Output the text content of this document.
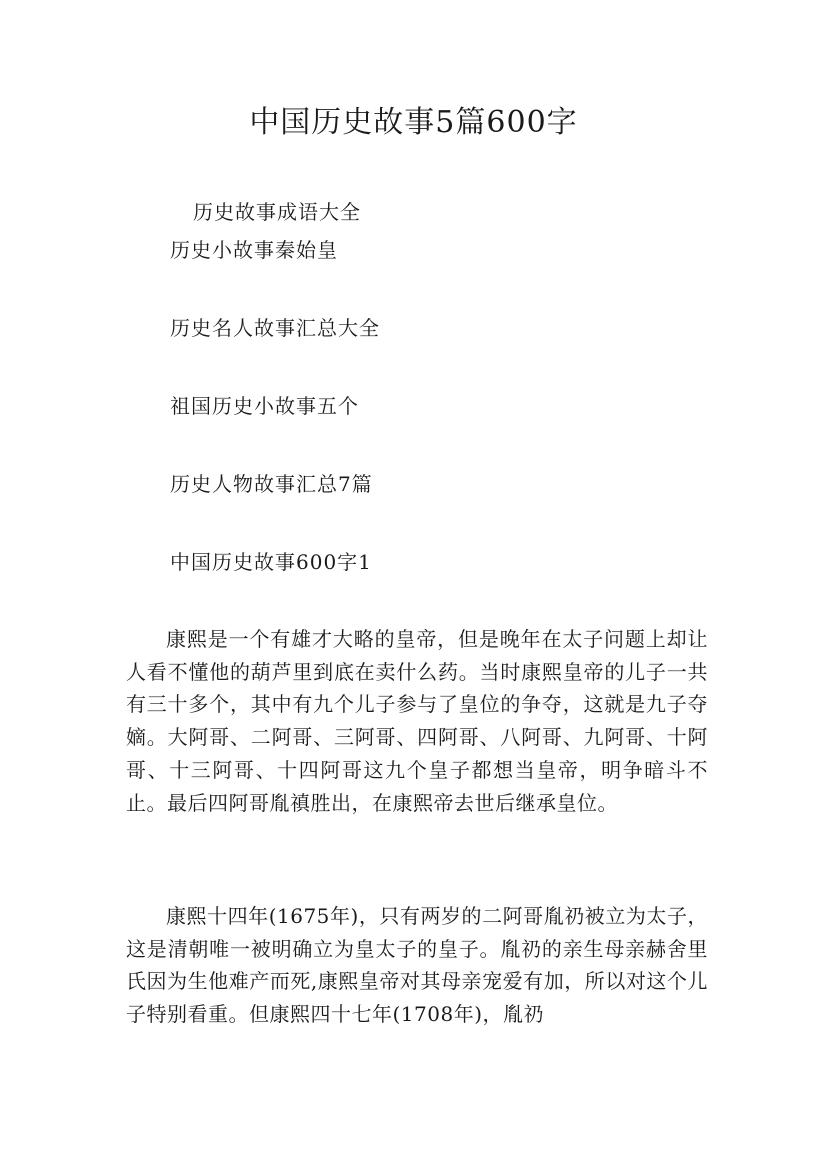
中国历史故事5篇600字
历史故事成语大全
历史小故事秦始皇
历史名人故事汇总大全
祖国历史小故事五个
历史人物故事汇总7篇
中国历史故事600字1

康熙是一个有雄才大略的皇帝，但是晚年在太子问题上却让人看不懂他的葫芦里到底在卖什么药。当时康熙皇帝的儿子一共有三十多个，其中有九个儿子参与了皇位的争夺，这就是九子夺嫡。大阿哥、二阿哥、三阿哥、四阿哥、八阿哥、九阿哥、十阿哥、十三阿哥、十四阿哥这九个皇子都想当皇帝，明争暗斗不止。最后四阿哥胤禛胜出，在康熙帝去世后继承皇位。

康熙十四年(1675年)，只有两岁的二阿哥胤礽被立为太子，这是清朝唯一被明确立为皇太子的皇子。胤礽的亲生母亲赫舍里氏因为生他难产而死,康熙皇帝对其母亲宠爱有加，所以对这个儿子特别看重。但康熙四十七年(1708年)，胤礽
